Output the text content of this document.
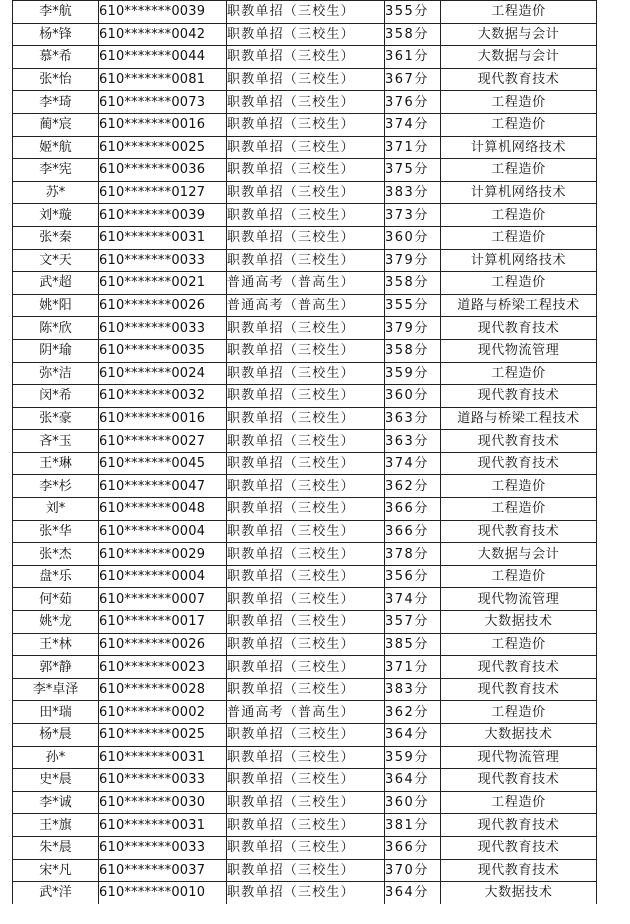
李*航	610*******0039	职教单招（三校生）	355分	工程造价
杨*锋	610*******0042	职教单招（三校生）	358分	大数据与会计
慕*希	610*******0044	职教单招（三校生）	361分	大数据与会计
张*怡	610*******0081	职教单招（三校生）	367分	现代教育技术
李*琦	610*******0073	职教单招（三校生）	376分	工程造价
蔺*宸	610*******0016	职教单招（三校生）	374分	工程造价
姬*航	610*******0025	职教单招（三校生）	371分	计算机网络技术
李*宪	610*******0036	职教单招（三校生）	375分	工程造价
苏*	610*******0127	职教单招（三校生）	383分	计算机网络技术
刘*璇	610*******0039	职教单招（三校生）	373分	工程造价
张*秦	610*******0031	职教单招（三校生）	360分	工程造价
文*天	610*******0033	职教单招（三校生）	379分	计算机网络技术
武*超	610*******0021	普通高考（普高生）	358分	工程造价
姚*阳	610*******0026	普通高考（普高生）	355分	道路与桥梁工程技术
陈*欣	610*******0033	职教单招（三校生）	379分	现代教育技术
阴*瑜	610*******0035	职教单招（三校生）	358分	现代物流管理
弥*洁	610*******0024	职教单招（三校生）	359分	工程造价
闵*希	610*******0032	职教单招（三校生）	360分	现代教育技术
张*豪	610*******0016	职教单招（三校生）	363分	道路与桥梁工程技术
吝*玉	610*******0027	职教单招（三校生）	363分	现代教育技术
王*琳	610*******0045	职教单招（三校生）	374分	现代教育技术
李*杉	610*******0047	职教单招（三校生）	362分	工程造价
刘*	610*******0048	职教单招（三校生）	366分	工程造价
张*华	610*******0004	职教单招（三校生）	366分	现代教育技术
张*杰	610*******0029	职教单招（三校生）	378分	大数据与会计
盘*乐	610*******0004	职教单招（三校生）	356分	工程造价
何*茹	610*******0007	职教单招（三校生）	374分	现代物流管理
姚*龙	610*******0017	职教单招（三校生）	357分	大数据技术
王*林	610*******0026	职教单招（三校生）	385分	工程造价
郭*静	610*******0023	职教单招（三校生）	371分	现代教育技术
李*卓泽	610*******0028	职教单招（三校生）	383分	现代教育技术
田*瑞	610*******0002	普通高考（普高生）	362分	工程造价
杨*晨	610*******0025	职教单招（三校生）	364分	大数据技术
孙*	610*******0031	职教单招（三校生）	359分	现代物流管理
史*晨	610*******0033	职教单招（三校生）	364分	现代教育技术
李*诚	610*******0030	职教单招（三校生）	360分	工程造价
王*旗	610*******0031	职教单招（三校生）	381分	现代教育技术
朱*晨	610*******0033	职教单招（三校生）	366分	现代教育技术
宋*凡	610*******0037	职教单招（三校生）	370分	现代教育技术
武*洋	610*******0010	职教单招（三校生）	364分	大数据技术
